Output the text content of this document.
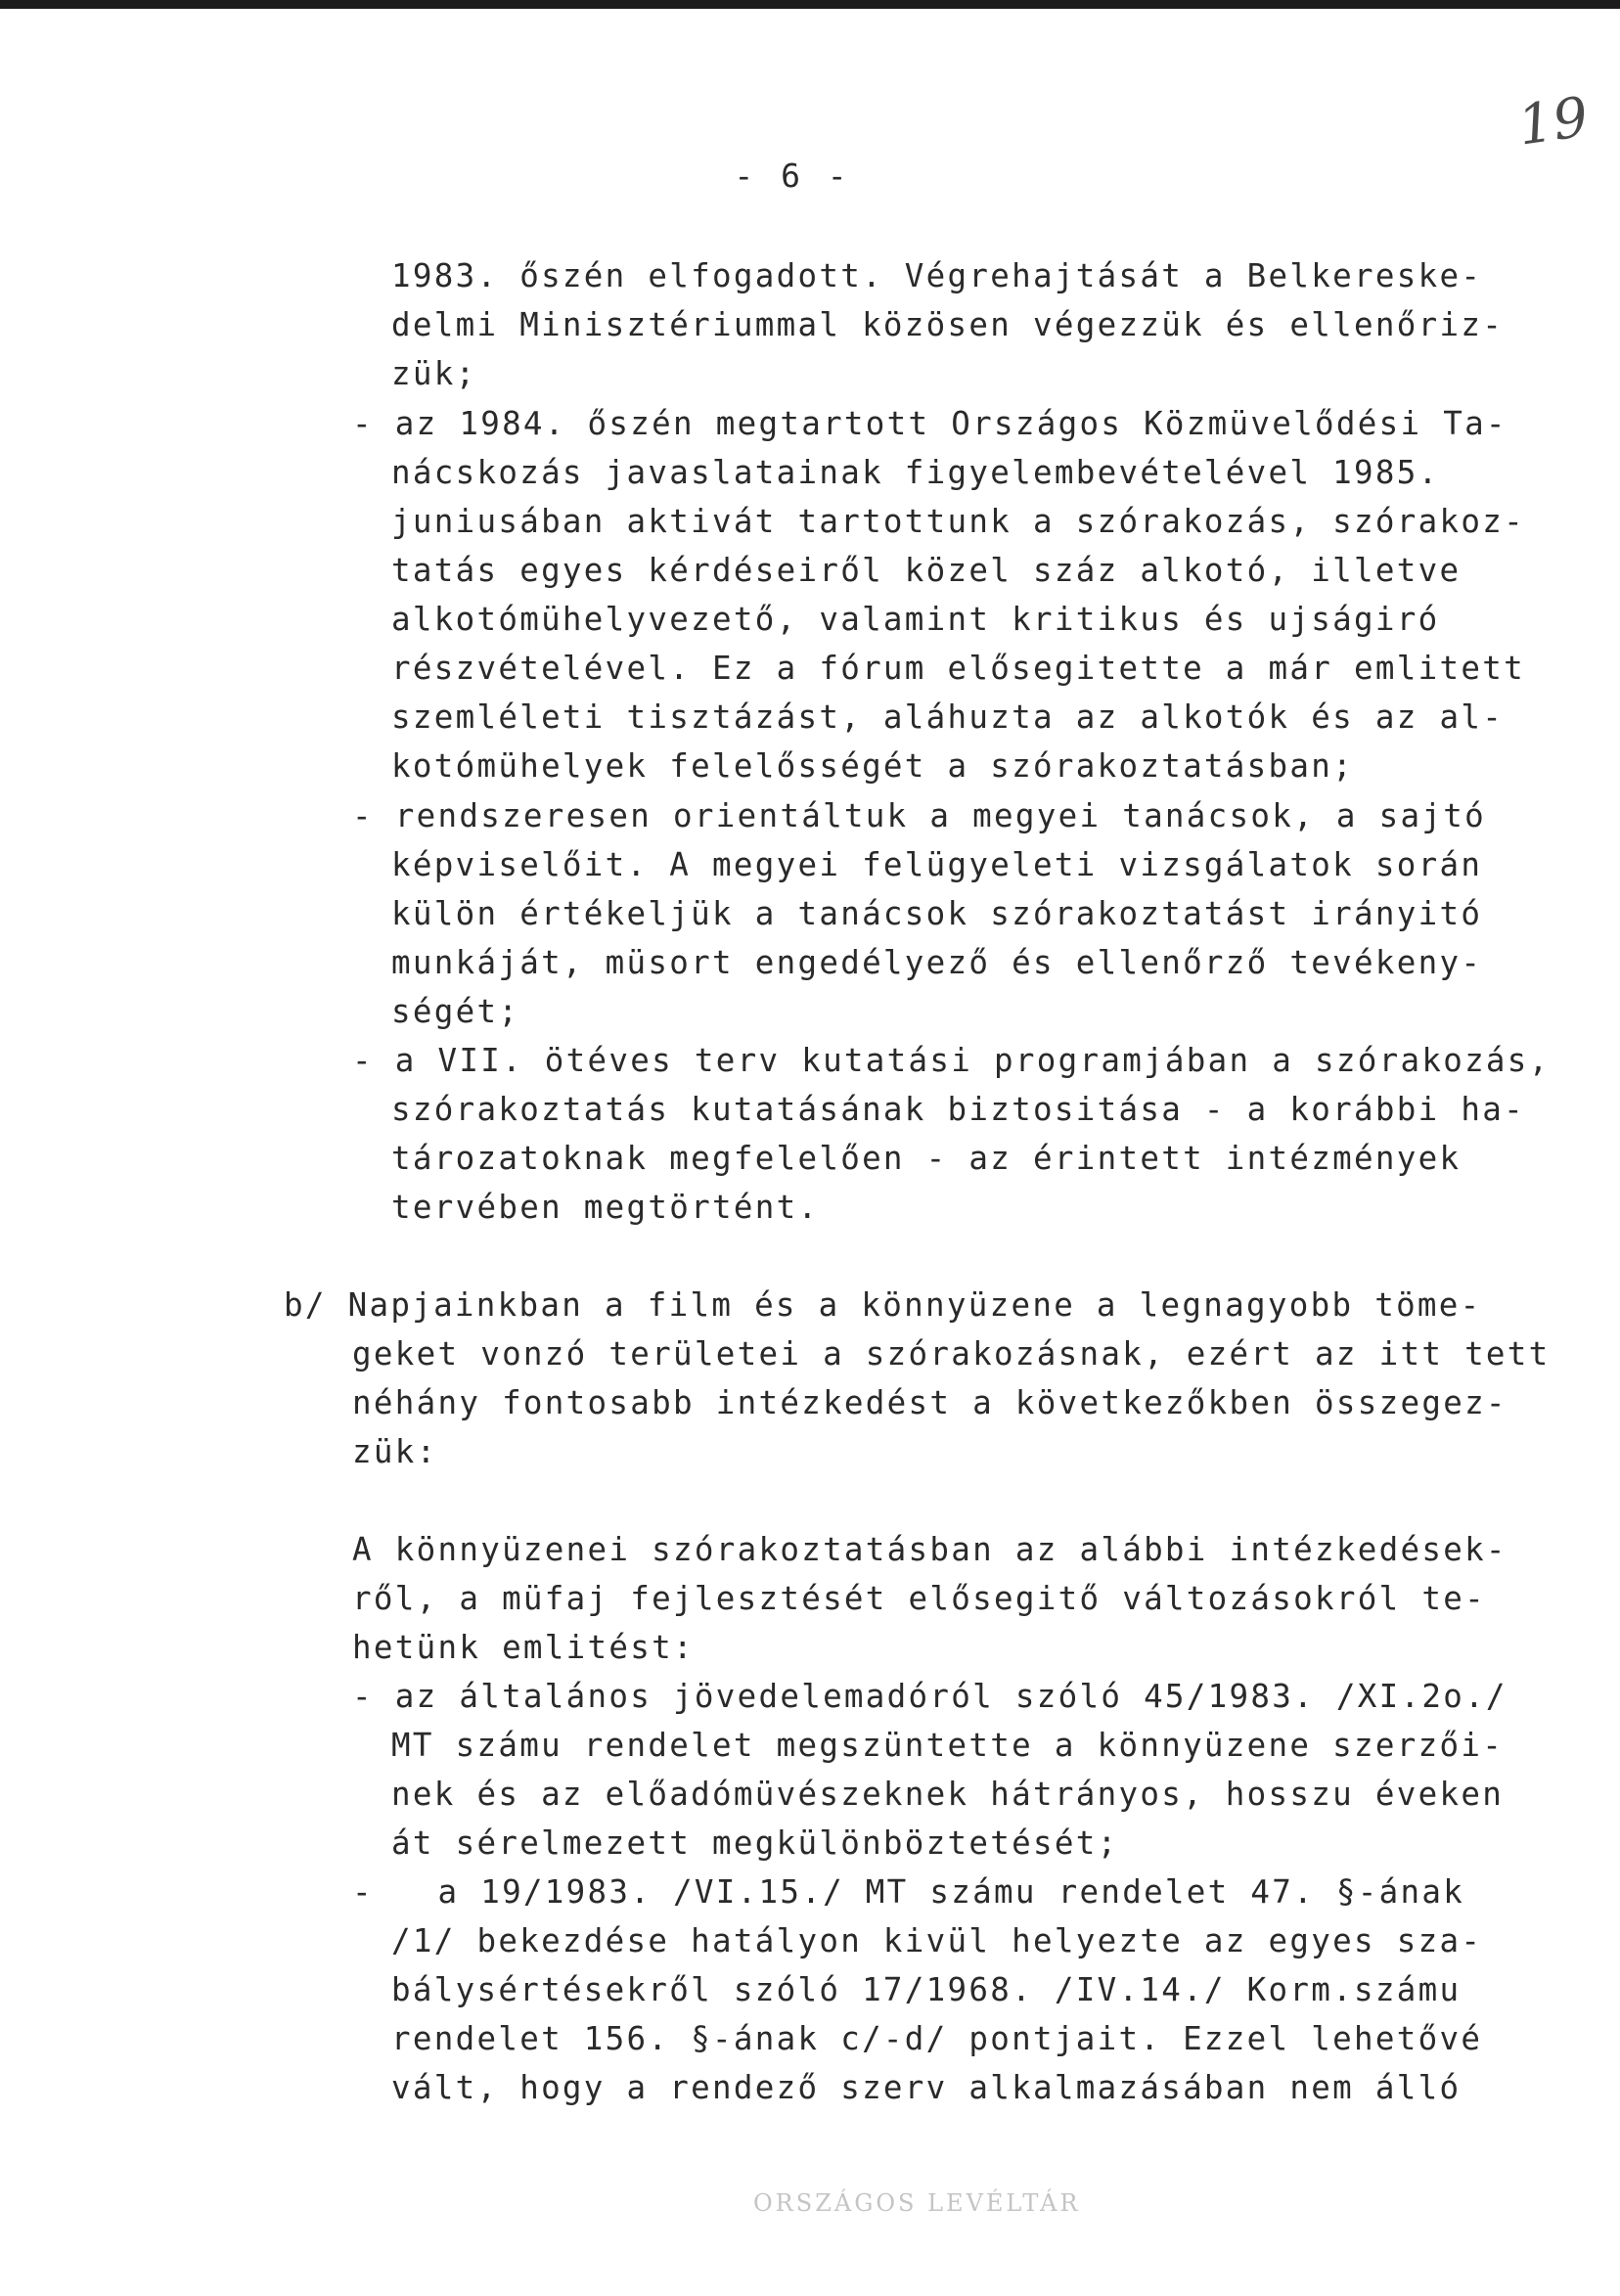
- 6 -
19
1983. őszén elfogadott. Végrehajtását a Belkereske-
delmi Minisztériummal közösen végezzük és ellenőriz-
zük;
- az 1984. őszén megtartott Országos Közmüvelődési Ta-
nácskozás javaslatainak figyelembevételével 1985.
juniusában aktivát tartottunk a szórakozás, szórakoz-
tatás egyes kérdéseiről közel száz alkotó, illetve
alkotómühelyvezető, valamint kritikus és ujságiró
részvételével. Ez a fórum elősegitette a már emlitett
szemléleti tisztázást, aláhuzta az alkotók és az al-
kotómühelyek felelősségét a szórakoztatásban;
- rendszeresen orientáltuk a megyei tanácsok, a sajtó
képviselőit. A megyei felügyeleti vizsgálatok során
külön értékeljük a tanácsok szórakoztatást irányitó
munkáját, müsort engedélyező és ellenőrző tevékeny-
ségét;
- a VII. ötéves terv kutatási programjában a szórakozás,
szórakoztatás kutatásának biztositása - a korábbi ha-
tározatoknak megfelelően - az érintett intézmények
tervében megtörtént.
b/ Napjainkban a film és a könnyüzene a legnagyobb töme-
geket vonzó területei a szórakozásnak, ezért az itt tett
néhány fontosabb intézkedést a következőkben összegez-
zük:
A könnyüzenei szórakoztatásban az alábbi intézkedések-
ről, a müfaj fejlesztését elősegitő változásokról te-
hetünk emlitést:
- az általános jövedelemadóról szóló 45/1983. /XI.2o./
MT számu rendelet megszüntette a könnyüzene szerzői-
nek és az előadómüvészeknek hátrányos, hosszu éveken
át sérelmezett megkülönböztetését;
-   a 19/1983. /VI.15./ MT számu rendelet 47. §-ának
/1/ bekezdése hatályon kivül helyezte az egyes sza-
bálysértésekről szóló 17/1968. /IV.14./ Korm.számu
rendelet 156. §-ának c/-d/ pontjait. Ezzel lehetővé
vált, hogy a rendező szerv alkalmazásában nem álló
ORSZÁGOS LEVÉLTÁR
